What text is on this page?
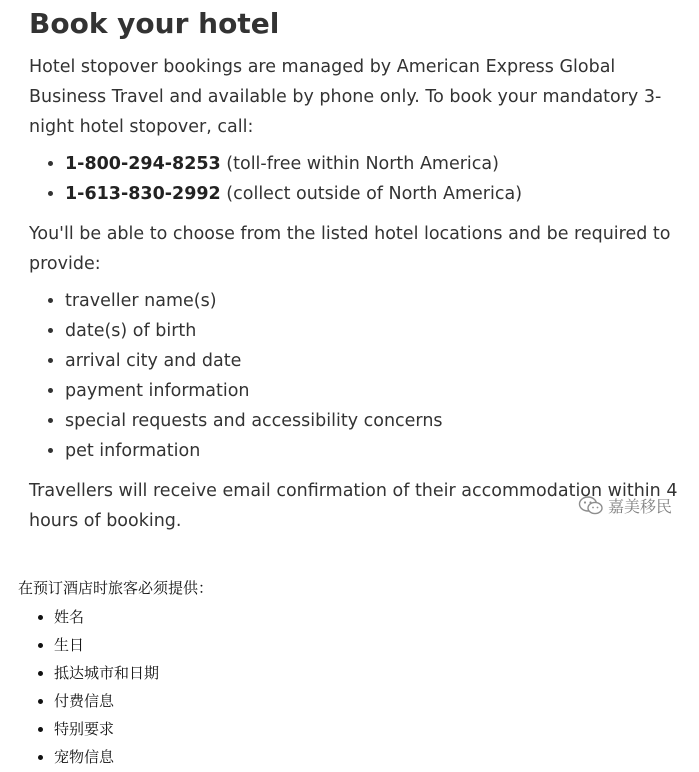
Book your hotel

Hotel stopover bookings are managed by American Express Global Business Travel and available by phone only. To book your mandatory 3-night hotel stopover, call:

• 1-800-294-8253 (toll-free within North America)
• 1-613-830-2992 (collect outside of North America)

You'll be able to choose from the listed hotel locations and be required to provide:

• traveller name(s)
• date(s) of birth
• arrival city and date
• payment information
• special requests and accessibility concerns
• pet information

Travellers will receive email confirmation of their accommodation within 4 hours of booking.

嘉美移民

在预订酒店时旅客必须提供：

• 姓名
• 生日
• 抵达城市和日期
• 付费信息
• 特别要求
• 宠物信息
